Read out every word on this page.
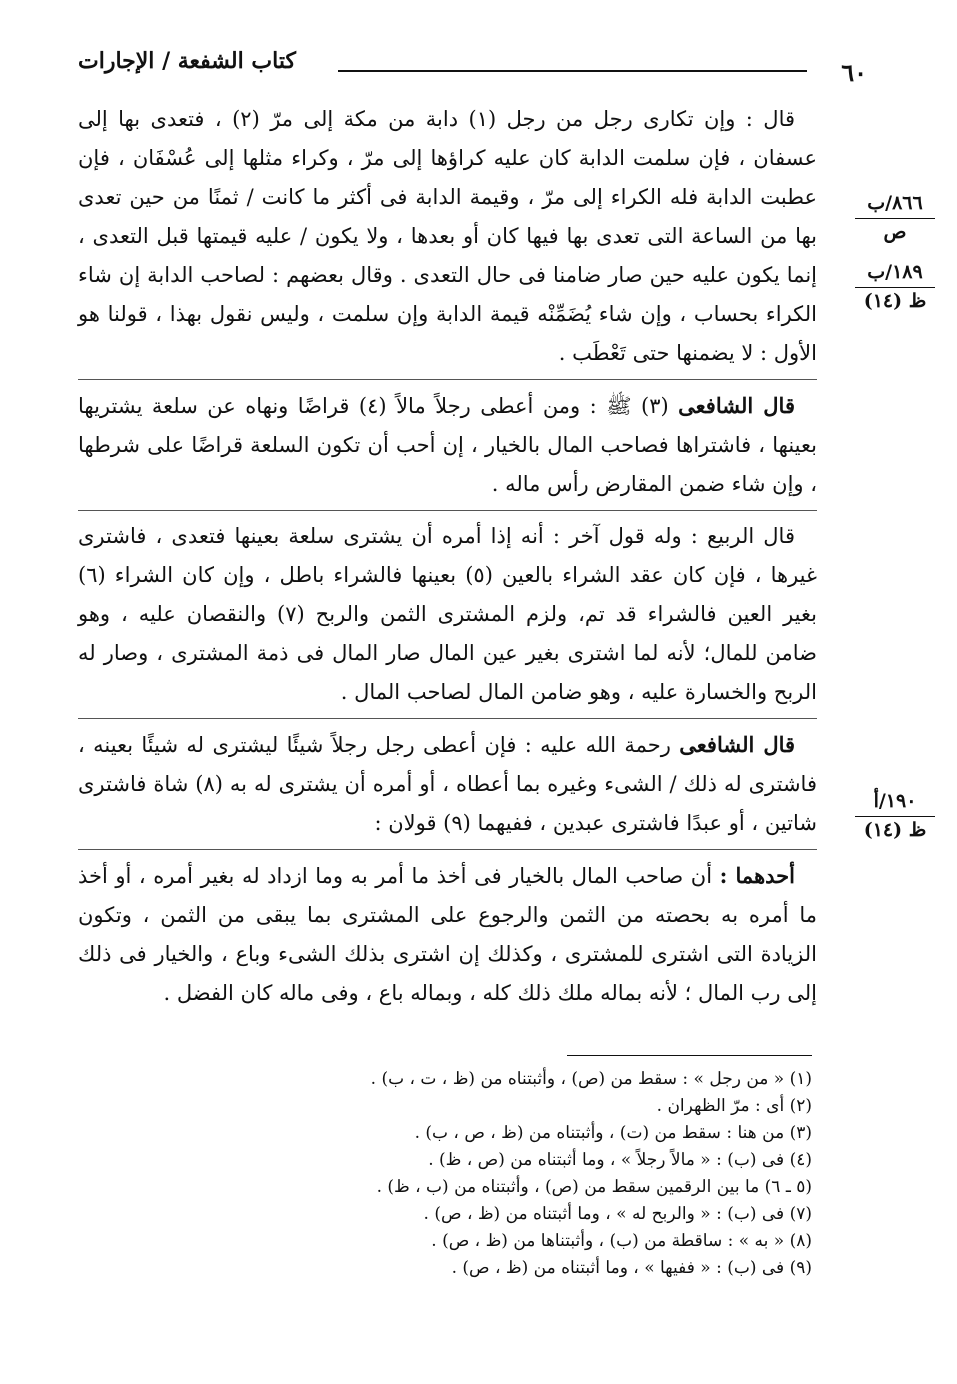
٦٠
كتاب الشفعة / الإجارات
٨٦٦/ب
ص
١٨٩/ب
ظ (١٤)
١٩٠/أ
ظ (١٤)

قال : وإن تكارى رجل من رجل (١) دابة من مكة إلى مرّ (٢) ، فتعدى بها إلى عسفان ، فإن سلمت الدابة كان عليه كراؤها إلى مرّ ، وكراء مثلها إلى عُسْفَان ، فإن عطبت الدابة فله الكراء إلى مرّ ، وقيمة الدابة فى أكثر ما كانت / ثمنًا من حين تعدى بها من الساعة التى تعدى بها فيها كان أو بعدها ، ولا يكون / عليه قيمتها قبل التعدى ، إنما يكون عليه حين صار ضامنا فى حال التعدى . وقال بعضهم : لصاحب الدابة إن شاء الكراء بحساب ، وإن شاء يُضَمِّنْه قيمة الدابة وإن سلمت ، وليس نقول بهذا ، قولنا هو الأول : لا يضمنها حتى تَعْطَب .

قال الشافعى (٣) ﷺ : ومن أعطى رجلاً مالاً (٤) قراضًا ونهاه عن سلعة يشتريها بعينها ، فاشتراها فصاحب المال بالخيار ، إن أحب أن تكون السلعة قراضًا على شرطها ، وإن شاء ضمن المقارض رأس ماله .

قال الربيع : وله قول آخر : أنه إذا أمره أن يشترى سلعة بعينها فتعدى ، فاشترى غيرها ، فإن كان عقد الشراء بالعين (٥) بعينها فالشراء باطل ، وإن كان الشراء (٦) بغير العين فالشراء قد تم، ولزم المشترى الثمن والربح (٧) والنقصان عليه ، وهو ضامن للمال؛ لأنه لما اشترى بغير عين المال صار المال فى ذمة المشترى ، وصار له الربح والخسارة عليه ، وهو ضامن المال لصاحب المال .

قال الشافعى رحمة الله عليه : فإن أعطى رجل رجلاً شيئًا ليشترى له شيئًا بعينه ، فاشترى له ذلك / الشىء وغيره بما أعطاه ، أو أمره أن يشترى له به (٨) شاة فاشترى شاتين ، أو عبدًا فاشترى عبدين ، ففيهما (٩) قولان :

أحدهما : أن صاحب المال بالخيار فى أخذ ما أمر به وما ازداد له بغير أمره ، أو أخذ ما أمره به بحصته من الثمن والرجوع على المشترى بما يبقى من الثمن ، وتكون الزيادة التى اشترى للمشترى ، وكذلك إن اشترى بذلك الشىء وباع ، والخيار فى ذلك إلى رب المال ؛ لأنه بماله ملك ذلك كله ، وبماله باع ، وفى ماله كان الفضل .

(١) « من رجل » : سقط من (ص) ، وأثبتناه من (ظ ، ت ، ب) .
(٢) أى : مرّ الظهران .
(٣) من هنا : سقط من (ت) ، وأثبتناه من (ظ ، ص ، ب) .
(٤) فى (ب) : « مالاً رجلاً » ، وما أثبتناه من (ص ، ظ) .
(٥ ـ ٦) ما بين الرقمين سقط من (ص) ، وأثبتناه من (ب ، ظ) .
(٧) فى (ب) : « والربح له » ، وما أثبتناه من (ظ ، ص) .
(٨) « به » : ساقطة من (ب) ، وأثبتناها من (ظ ، ص) .
(٩) فى (ب) : « ففيها » ، وما أثبتناه من (ظ ، ص) .
